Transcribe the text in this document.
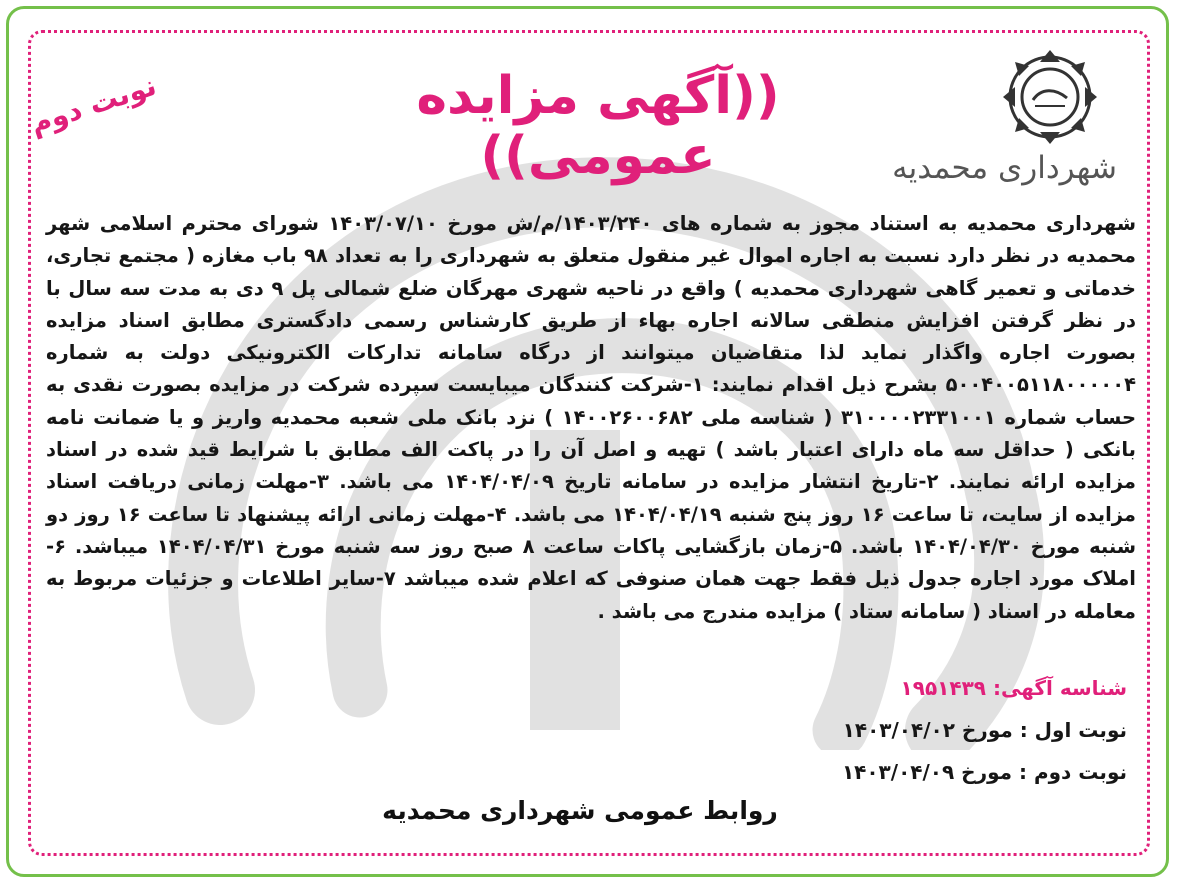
شهرداری محمدیه
((آگهی مزایده عمومی))
نوبت دوم
شهرداری محمدیه به استناد مجوز به شماره های ۱۴۰۳/۲۴۰/م/ش مورخ ۱۴۰۳/۰۷/۱۰ شورای محترم اسلامی شهر محمدیه در نظر دارد نسبت به اجاره اموال غیر منقول متعلق به شهرداری را به تعداد ۹۸ باب مغازه ( مجتمع تجاری، خدماتی و تعمیر گاهی شهرداری محمدیه ) واقع در ناحیه شهری مهرگان ضلع شمالی پل ۹ دی به مدت سه سال با در نظر گرفتن افزایش منطقی سالانه اجاره بهاء از طریق کارشناس رسمی دادگستری مطابق اسناد مزایده بصورت اجاره واگذار نماید لذا متقاضیان میتوانند از درگاه سامانه تدارکات الکترونیکی دولت به شماره ۵۰۰۴۰۰۵۱۱۸۰۰۰۰۰۴ بشرح ذیل اقدام نمایند: ۱-شرکت کنندگان میبایست سپرده شرکت در مزایده بصورت نقدی به حساب شماره ۳۱۰۰۰۰۲۳۳۱۰۰۱ ( شناسه ملی ۱۴۰۰۲۶۰۰۶۸۲ ) نزد بانک ملی شعبه محمدیه واریز و یا ضمانت نامه بانکی ( حداقل سه ماه دارای اعتبار باشد ) تهیه و اصل آن را در پاکت الف مطابق با شرایط قید شده در اسناد مزایده ارائه نمایند. ۲-تاریخ انتشار مزایده در سامانه تاریخ ۱۴۰۴/۰۴/۰۹ می باشد. ۳-مهلت زمانی دریافت اسناد مزایده از سایت، تا ساعت ۱۶ روز پنج شنبه ۱۴۰۴/۰۴/۱۹ می باشد. ۴-مهلت زمانی ارائه پیشنهاد تا ساعت ۱۶ روز دو شنبه مورخ ۱۴۰۴/۰۴/۳۰ باشد. ۵-زمان بازگشایی پاکات ساعت ۸ صبح روز سه شنبه مورخ ۱۴۰۴/۰۴/۳۱ میباشد. ۶-املاک مورد اجاره جدول ذیل فقط جهت همان صنوفی که اعلام شده میباشد ۷-سایر اطلاعات و جزئیات مربوط به معامله در اسناد ( سامانه ستاد ) مزایده مندرج می باشد .
شناسه آگهی: ۱۹۵۱۴۳۹
نوبت اول : مورخ ۱۴۰۳/۰۴/۰۲
نوبت دوم : مورخ ۱۴۰۳/۰۴/۰۹
روابط عمومی شهرداری محمدیه
